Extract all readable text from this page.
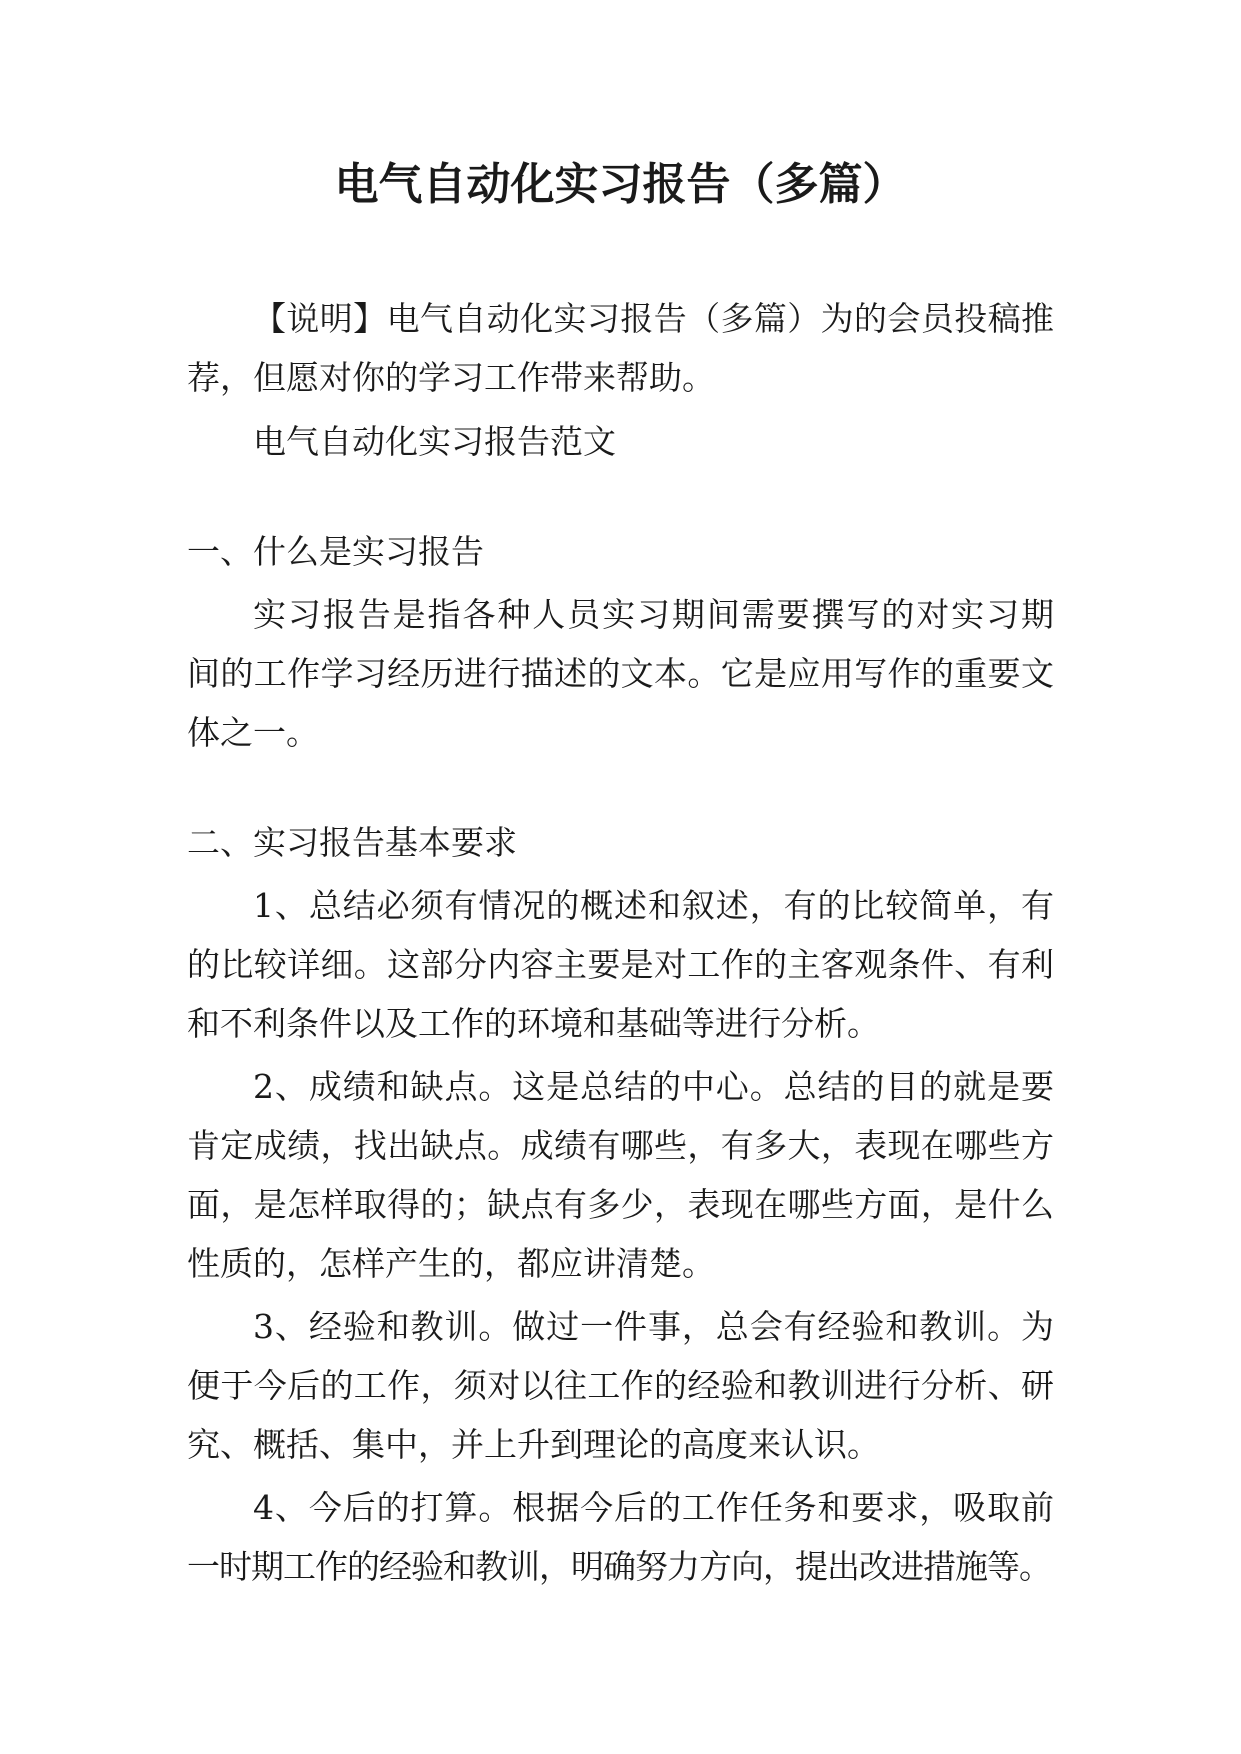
电气自动化实习报告（多篇）
【说明】电气自动化实习报告（多篇）为的会员投稿推
荐，但愿对你的学习工作带来帮助。
电气自动化实习报告范文
一、什么是实习报告
实习报告是指各种人员实习期间需要撰写的对实习期
间的工作学习经历进行描述的文本。它是应用写作的重要文
体之一。
二、实习报告基本要求
1、总结必须有情况的概述和叙述，有的比较简单，有
的比较详细。这部分内容主要是对工作的主客观条件、有利
和不利条件以及工作的环境和基础等进行分析。
2、成绩和缺点。这是总结的中心。总结的目的就是要
肯定成绩，找出缺点。成绩有哪些，有多大，表现在哪些方
面，是怎样取得的；缺点有多少，表现在哪些方面，是什么
性质的，怎样产生的，都应讲清楚。
3、经验和教训。做过一件事，总会有经验和教训。为
便于今后的工作，须对以往工作的经验和教训进行分析、研
究、概括、集中，并上升到理论的高度来认识。
4、今后的打算。根据今后的工作任务和要求，吸取前
一时期工作的经验和教训，明确努力方向，提出改进措施等。
